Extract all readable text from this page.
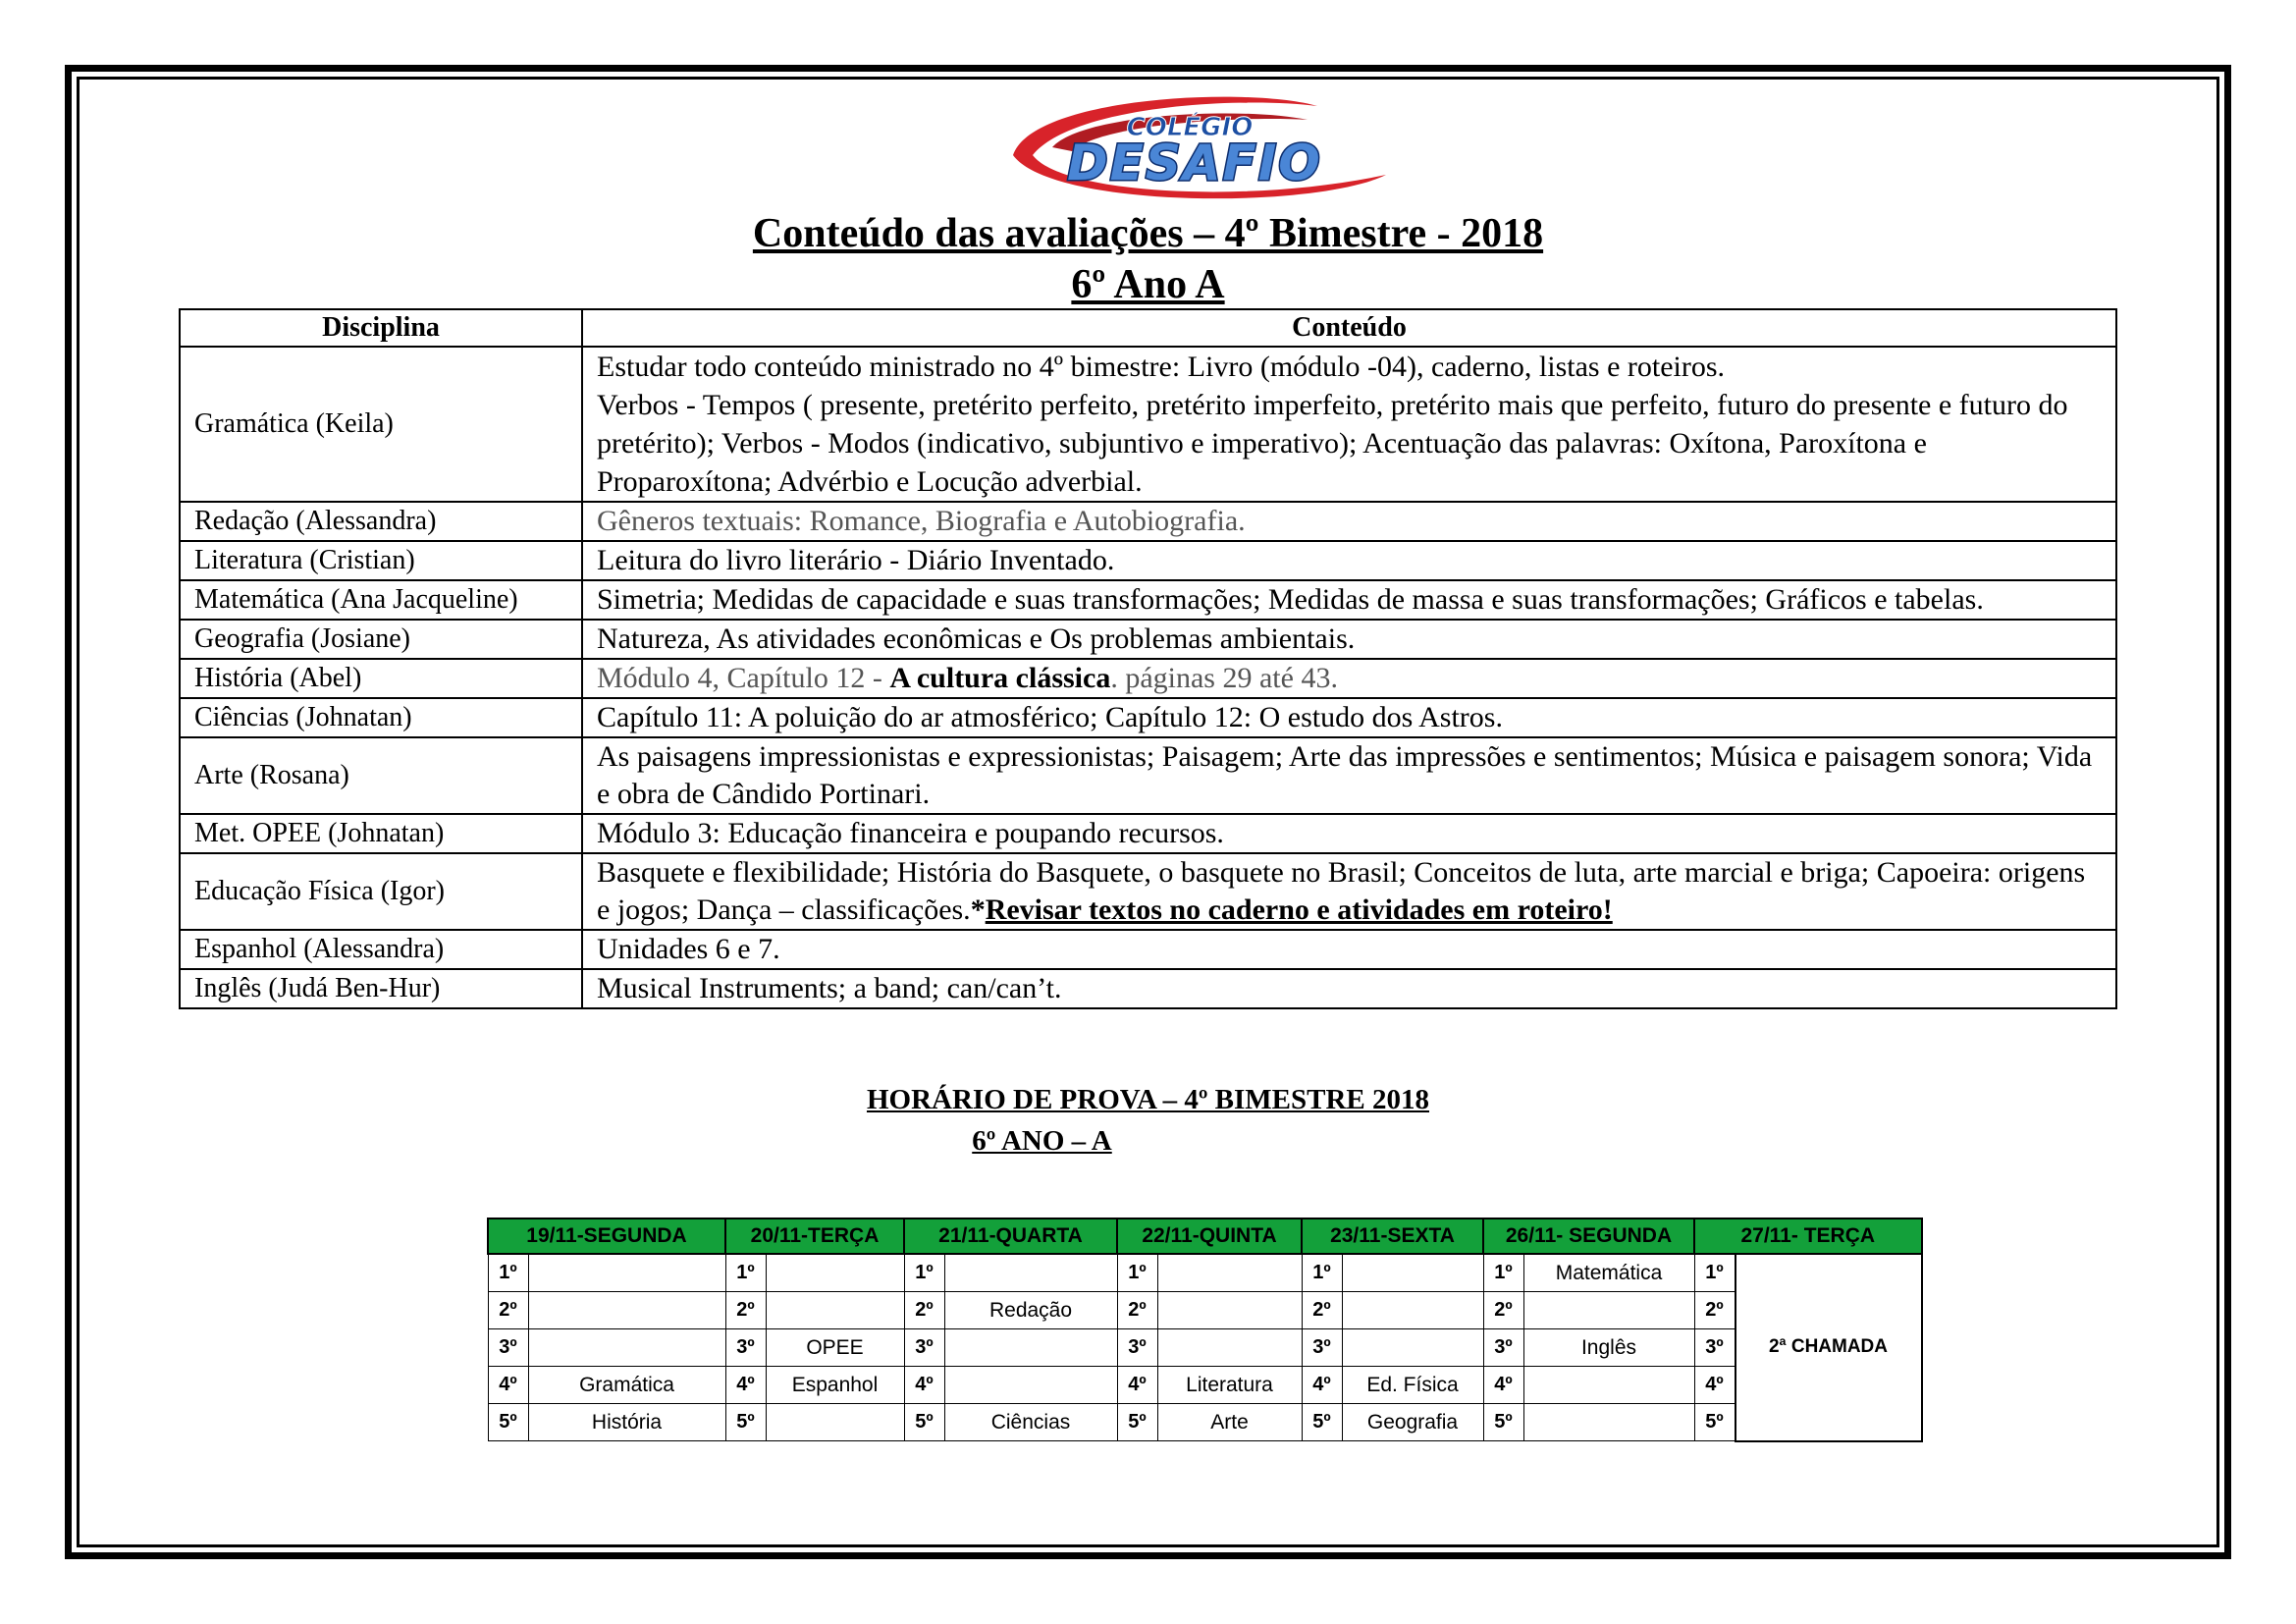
COLÉGIO
DESAFIO
Conteúdo das avaliações – 4º Bimestre - 2018
6º Ano A
Disciplina	Conteúdo
Gramática (Keila)	Estudar todo conteúdo ministrado no 4º bimestre: Livro (módulo -04), caderno, listas e roteiros.
Verbos - Tempos ( presente, pretérito perfeito, pretérito imperfeito, pretérito mais que perfeito, futuro do presente e futuro do pretérito); Verbos - Modos (indicativo, subjuntivo e imperativo); Acentuação das palavras: Oxítona, Paroxítona e Proparoxítona; Advérbio e Locução adverbial.

Redação (Alessandra)	Gêneros textuais: Romance, Biografia e Autobiografia.
Literatura (Cristian)	Leitura do livro literário - Diário Inventado.
Matemática (Ana Jacqueline)	Simetria; Medidas de capacidade e suas transformações; Medidas de massa e suas transformações; Gráficos e tabelas.
Geografia (Josiane)	Natureza, As atividades econômicas e Os problemas ambientais.
História (Abel)	Módulo 4, Capítulo 12 - A cultura clássica. páginas 29 até 43.
Ciências (Johnatan)	Capítulo 11: A poluição do ar atmosférico; Capítulo 12: O estudo dos Astros.
Arte (Rosana)	As paisagens impressionistas e expressionistas; Paisagem; Arte das impressões e sentimentos; Música e paisagem sonora; Vida e obra de Cândido Portinari.
Met. OPEE (Johnatan)	Módulo 3: Educação financeira e poupando recursos.
Educação Física (Igor)	Basquete e flexibilidade; História do Basquete, o basquete no Brasil; Conceitos de luta, arte marcial e briga; Capoeira: origens e jogos; Dança – classificações.*Revisar textos no caderno e atividades em roteiro!
Espanhol (Alessandra)	Unidades 6 e 7.
Inglês (Judá Ben-Hur)	Musical Instruments; a band; can/can’t.
HORÁRIO DE PROVA – 4º BIMESTRE 2018
6º ANO – A
19/11-SEGUNDA		20/11-TERÇA		21/11-QUARTA		22/11-QUINTA		23/11-SEXTA		26/11- SEGUNDA		27/11- TERÇA	
1º		1º		1º		1º		1º		1º	Matemática	1º	2ª CHAMADA
2º		2º		2º	Redação	2º		2º		2º		2º	
3º		3º	OPEE	3º		3º		3º		3º	Inglês	3º	
4º	Gramática	4º	Espanhol	4º		4º	Literatura	4º	Ed. Física	4º		4º	
5º	História	5º		5º	Ciências	5º	Arte	5º	Geografia	5º		5º	
